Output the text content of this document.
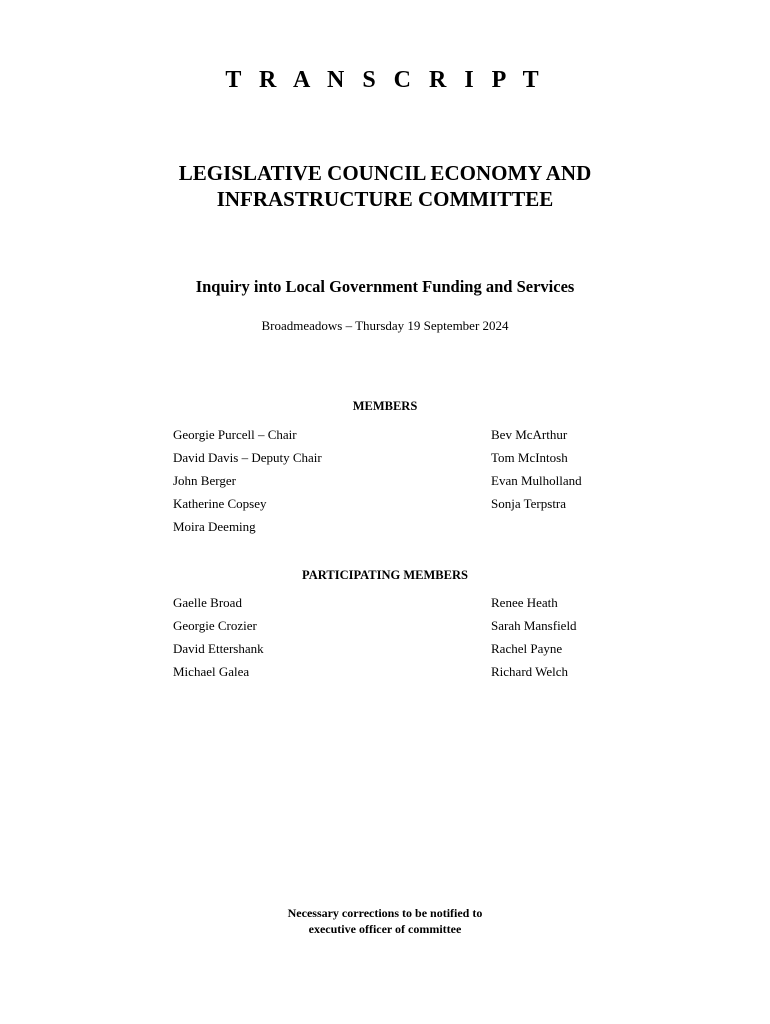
T R A N S C R I P T
LEGISLATIVE COUNCIL ECONOMY AND
INFRASTRUCTURE COMMITTEE
Inquiry into Local Government Funding and Services
Broadmeadows – Thursday 19 September 2024
MEMBERS
Georgie Purcell – Chair
David Davis – Deputy Chair
John Berger
Katherine Copsey
Moira Deeming
Bev McArthur
Tom McIntosh
Evan Mulholland
Sonja Terpstra
PARTICIPATING MEMBERS
Gaelle Broad
Georgie Crozier
David Ettershank
Michael Galea
Renee Heath
Sarah Mansfield
Rachel Payne
Richard Welch
Necessary corrections to be notified to
executive officer of committee
